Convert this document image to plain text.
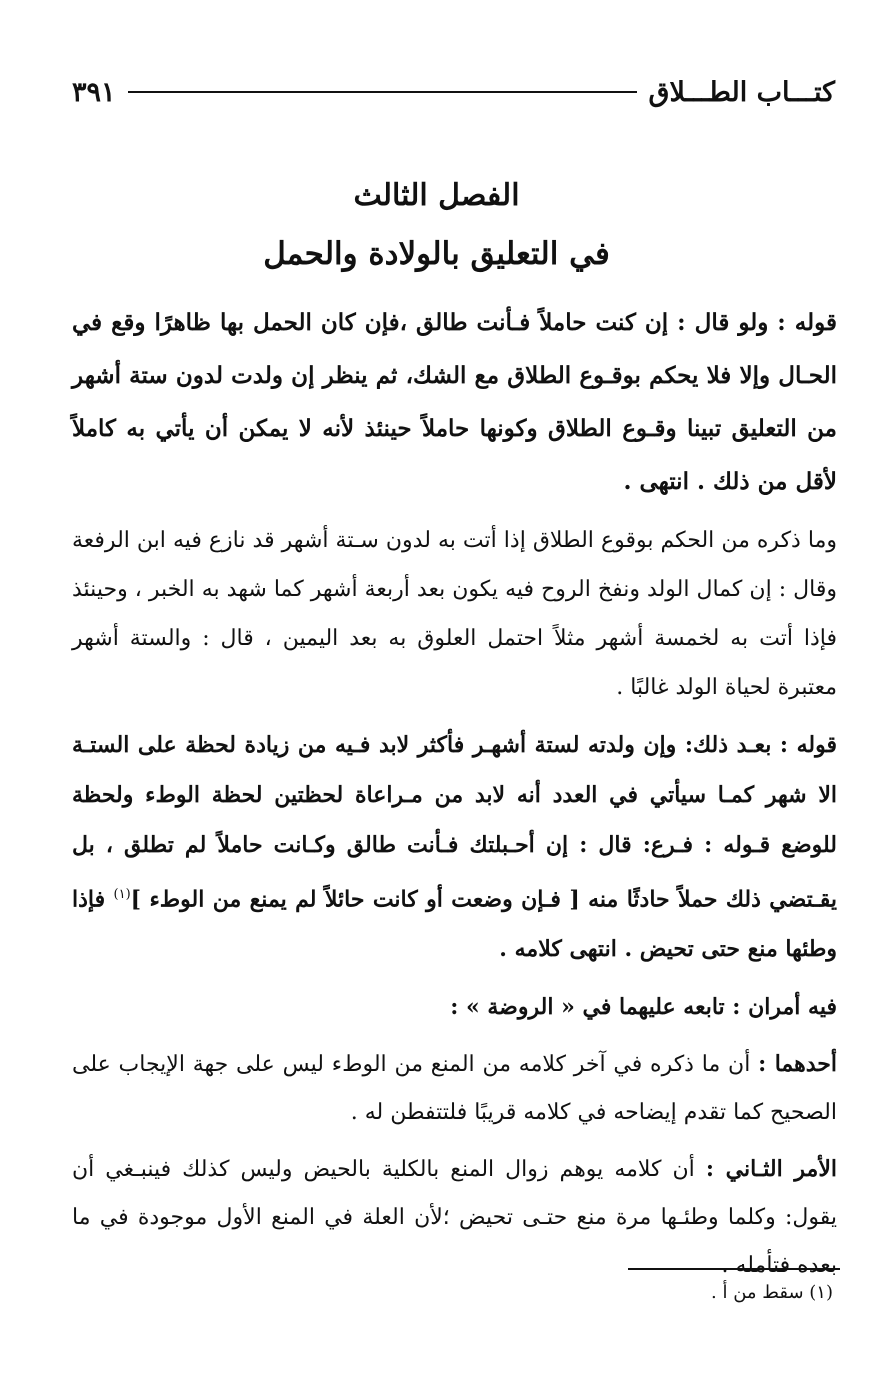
كتـــاب الطـــلاق
٣٩١
الفصل الثالث
في التعليق بالولادة والحمل

قوله : ولو قال : إن كنت حاملاً فـأنت طالق ،فإن كان الحمل بها ظاهرًا وقع في الحـال وإلا فلا يحكم بوقـوع الطلاق مع الشك، ثم ينظر إن ولدت لدون ستة أشهر من التعليق تبينا وقـوع الطلاق وكونها حاملاً حينئذ لأنه لا يمكن أن يأتي به كاملاً لأقل من ذلك . انتهى .

وما ذكره من الحكم بوقوع الطلاق إذا أتت به لدون سـتة أشهر قد نازع فيه ابن الرفعة وقال : إن كمال الولد ونفخ الروح فيه يكون بعد أربعة أشهر كما شهد به الخبر ، وحينئذ فإذا أتت به لخمسة أشهر مثلاً احتمل العلوق به بعد اليمين ، قال : والستة أشهر معتبرة لحياة الولد غالبًا .

قوله : بعـد ذلك: وإن ولدته لستة أشهـر فأكثر لابد فـيه من زيادة لحظة على الستـة الا شهر كمـا سيأتي في العدد أنه لابد من مـراعاة لحظتين لحظة الوطء ولحظة للوضع قـوله : فـرع: قال : إن أحـبلتك فـأنت طالق وكـانت حاملاً لم تطلق ، بل يقـتضي ذلك حملاً حادثًا منه [ فـإن وضعت أو كانت حائلاً لم يمنع من الوطء ]$^{(١)}$ فإذا وطئها منع حتى تحيض . انتهى كلامه .

فيه أمران : تابعه عليهما في « الروضة » :

أحدهما : أن ما ذكره في آخر كلامه من المنع من الوطء ليس على جهة الإيجاب على الصحيح كما تقدم إيضاحه في كلامه قريبًا فلتتفطن له .

الأمر الثـاني : أن كلامه يوهم زوال المنع بالكلية بالحيض وليس كذلك فينبـغي أن يقول: وكلما وطئـها مرة منع حتـى تحيض ؛لأن العلة في المنع الأول موجودة في ما بعده فتأمله .

(١) سقط من أ .
